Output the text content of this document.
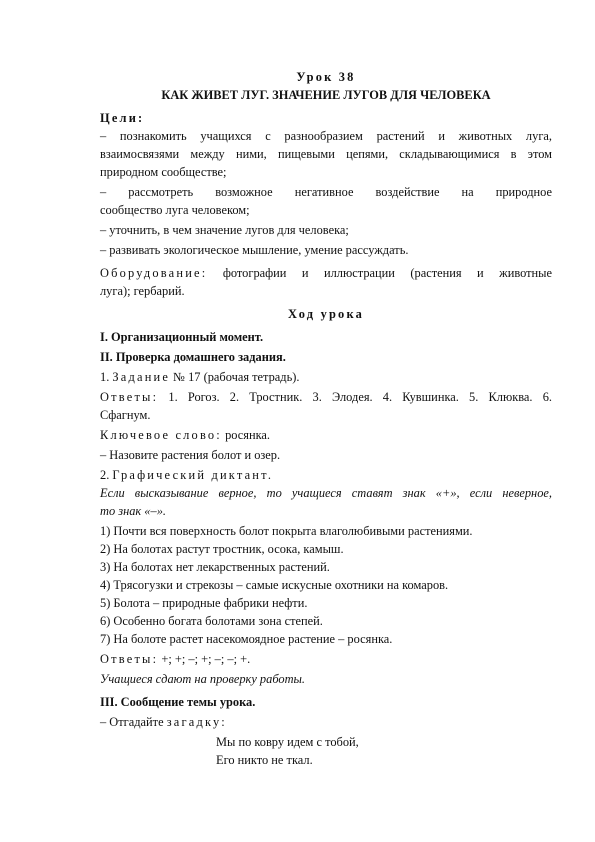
Урок 38

КАК ЖИВЕТ ЛУГ. ЗНАЧЕНИЕ ЛУГОВ ДЛЯ ЧЕЛОВЕКА

Цели:

– познакомить учащихся с разнообразием растений и животных луга,

взаимосвязями между ними, пищевыми цепями, складывающимися в этом

природном сообществе;

– рассмотреть возможное негативное воздействие на природное

сообщество луга человеком;

– уточнить, в чем значение лугов для человека;

– развивать экологическое мышление, умение рассуждать.

Оборудование: фотографии и иллюстрации (растения и животные

луга); гербарий.

Ход урока

I. Организационный момент.

II. Проверка домашнего задания.

1. Задание № 17 (рабочая тетрадь).

Ответы: 1. Рогоз. 2. Тростник. 3. Элодея. 4. Кувшинка. 5. Клюква. 6.

Сфагнум.

Ключевое слово: росянка.

– Назовите растения болот и озер.

2. Графический диктант.

Если высказывание верное, то учащиеся ставят знак «+», если неверное,

то знак «–».

1) Почти вся поверхность болот покрыта влаголюбивыми растениями.

2) На болотах растут тростник, осока, камыш.

3) На болотах нет лекарственных растений.

4) Трясогузки и стрекозы – самые искусные охотники на комаров.

5) Болота – природные фабрики нефти.

6) Особенно богата болотами зона степей.

7) На болоте растет насекомоядное растение – росянка.

Ответы: +; +; –; +; –; –; +.

Учащиеся сдают на проверку работы.

III. Сообщение темы урока.

– Отгадайте загадку:

Мы по ковру идем с тобой,

Его никто не ткал.
